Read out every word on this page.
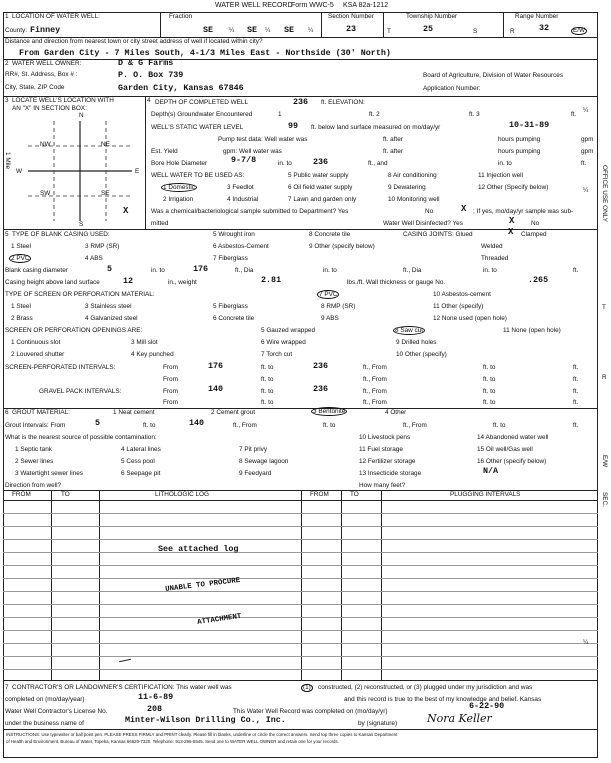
WATER WELL RECORD
Form WWC-5 KSA 82a-1212
1 LOCATION OF WATER WELL:	Fraction	Section Number	Township Number	Range Number
County: Finney	SE ¼ SE ¼ SE ¼	23	T	25	S	R	32	E/W
Distance and direction from nearest town or city street address of well if located within city?
From Garden City - 7 Miles South, 4-1/3 Miles East - Northside (30' North)
2 WATER WELL OWNER:	D & G Farms
RR#, St. Address, Box # :	P. O. Box 739	Board of Agriculture, Division of Water Resources
City, State, ZIP Code	Garden City, Kansas 67846	Application Number:
3 LOCATE WELL'S LOCATION WITH
AN "X" IN SECTION BOX:
N
S
W	E
1 Mile
NW	NE
SW	SE
X
4 DEPTH OF COMPLETED WELL	236 ft. ELEVATION:
Depth(s) Groundwater Encountered	1	ft. 2	ft. 3	ft.
WELL'S STATIC WATER LEVEL	99 ft. below land surface measured on mo/day/yr	10-31-89
Pump test data: Well water was	ft. after	hours pumping	gpm
Est. Yield	gpm: Well water was	ft. after	hours pumping	gpm
Bore Hole Diameter	9-7/8	in. to	236	ft., and	in. to	ft.
WELL WATER TO BE USED AS:
1 Domestic	3 Feedlot
5 Public water supply	8 Air conditioning	11 Injection well
2 Irrigation	4 Industrial	7 Lawn and garden only	10 Monitoring well
6 Oil field water supply	9 Dewatering	12 Other (Specify below)
Was a chemical/bacteriological sample submitted to Department? Yes	No	X ; If yes, mo/day/yr sample was sub-
mitted	Water Well Disinfected? Yes	X	No
5 TYPE OF BLANK CASING USED:
1 Steel	3 RMP (SR)
5 Wrought iron
6 Asbestos-Cement
8 Concrete tile
9 Other (specify below)
2 PVC	4 ABS	7 Fiberglass
CASING JOINTS: Glued	X Clamped
Welded
Threaded
Blank casing diameter	5	in. to	176	ft., Dia	in. to	ft., Dia	in. to	ft.
Casing height above land surface	12	in., weight	2.81	lbs./ft. Wall thickness or gauge No.	.265
TYPE OF SCREEN OR PERFORATION MATERIAL:
1 Steel	3 Stainless steel	5 Fiberglass
7 PVC	10 Asbestos-cement
2 Brass	4 Galvanized steel	6 Concrete tile
8 RMP (SR)
9 ABS
11 Other (specify)
12 None used (open hole)
SCREEN OR PERFORATION OPENINGS ARE:
1 Continuous slot	3 Mill slot
5 Gauzed wrapped	8 Saw cut	11 None (open hole)
2 Louvered shutter	4 Key punched
6 Wire wrapped	9 Drilled holes
7 Torch cut	10 Other (specify)
SCREEN-PERFORATED INTERVALS:	From	176	ft. to	236	ft., From	ft. to	ft.
From	ft. to	ft., From	ft. to	ft.
GRAVEL PACK INTERVALS:	From	140	ft. to	236	ft., From	ft. to	ft.
From	ft. to	ft., From	ft. to	ft.
6 GROUT MATERIAL:	1 Neat cement	2 Cement grout	3 Bentonite	4 Other
Grout Intervals: From	5	ft. to	140	ft., From	ft. to	ft., From	ft. to	ft.
What is the nearest source of possible contamination:
1 Septic tank	4 Lateral lines	7 Pit privy
10 Livestock pens	14 Abandoned water well
2 Sewer lines	5 Cess pool	8 Sewage lagoon
11 Fuel storage	15 Oil well/Gas well
3 Watertight sewer lines	6 Seepage pit	9 Feedyard
12 Fertilizer storage	16 Other (specify below)
13 Insecticide storage	N/A
Direction from well?	How many feet?
FROM	TO	LITHOLOGIC LOG	FROM	TO	PLUGGING INTERVALS
See attached log
UNABLE TO PROCURE
ATTACHMENT
7 CONTRACTOR'S OR LANDOWNER'S CERTIFICATION: This water well was	(1)	constructed, (2) reconstructed, or (3) plugged under my jurisdiction and was
completed on (mo/day/year)	11-6-89	and this record is true to the best of my knowledge and belief. Kansas
Water Well Contractor's License No.	208	This Water Well Record was completed on (mo/day/yr)
6-22-90
under the business name of	Minter-Wilson Drilling Co., Inc.	by (signature)	Nora Keller
INSTRUCTIONS: Use typewriter or ball point pen. PLEASE PRESS FIRMLY and PRINT clearly. Please fill in blanks, underline or circle the correct answers. Send top three copies to Kansas Department
of Health and Environment, Bureau of Water, Topeka, Kansas 66620-7320. Telephone: 913-296-5545. Send one to WATER WELL OWNER and retain one for your records.
¼
¼
¼
OFFICE USE ONLY
T
R
E/W
SEC.
